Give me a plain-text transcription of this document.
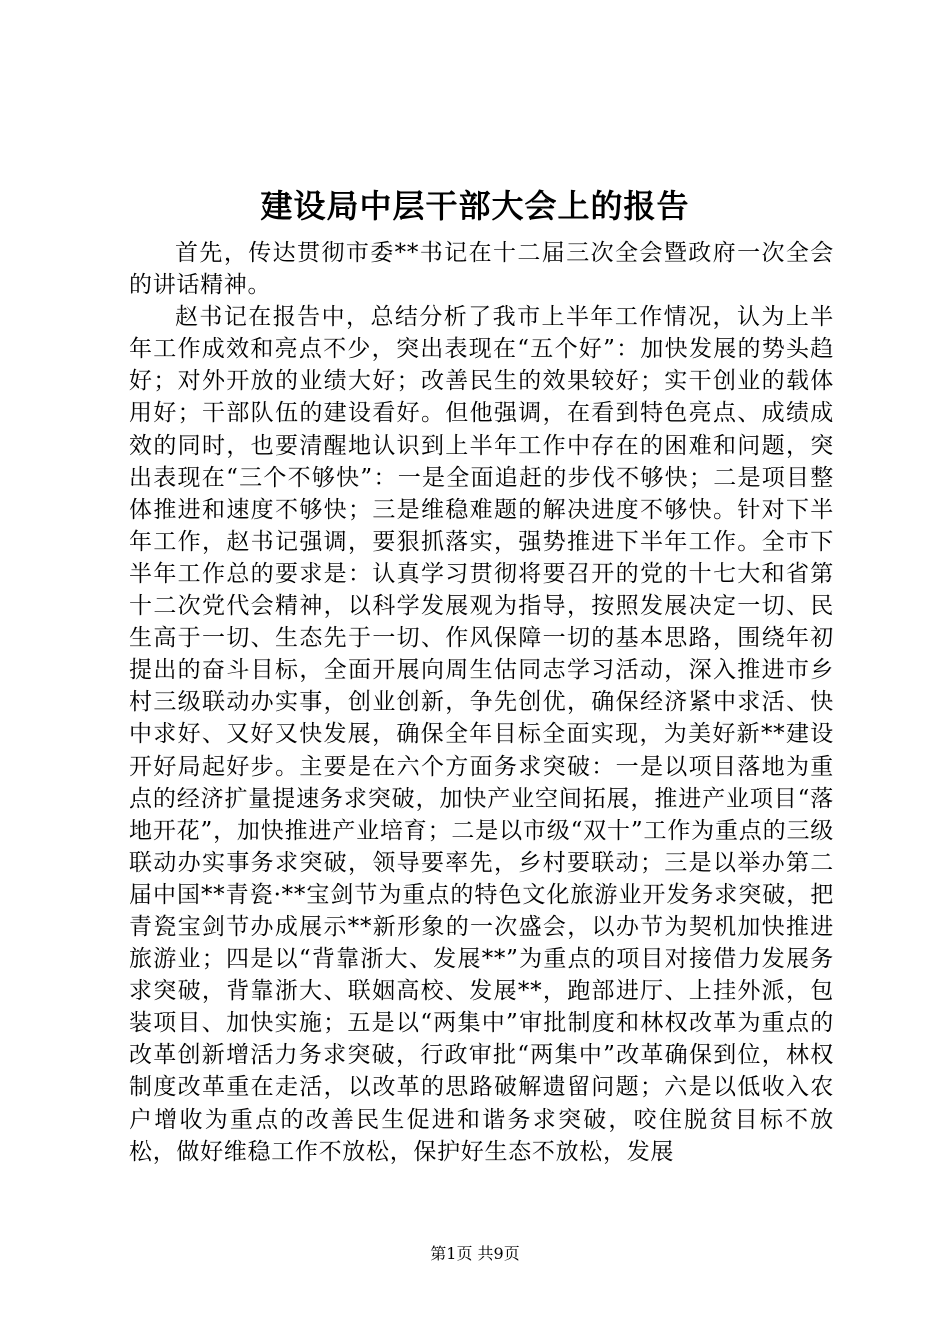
建设局中层干部大会上的报告

首先，传达贯彻市委**书记在十二届三次全会暨政府一次全会的讲话精神。

赵书记在报告中，总结分析了我市上半年工作情况，认为上半年工作成效和亮点不少，突出表现在“五个好”：加快发展的势头趋好；对外开放的业绩大好；改善民生的效果较好；实干创业的载体用好；干部队伍的建设看好。但他强调，在看到特色亮点、成绩成效的同时，也要清醒地认识到上半年工作中存在的困难和问题，突出表现在“三个不够快”：一是全面追赶的步伐不够快；二是项目整体推进和速度不够快；三是维稳难题的解决进度不够快。针对下半年工作，赵书记强调，要狠抓落实，强势推进下半年工作。全市下半年工作总的要求是：认真学习贯彻将要召开的党的十七大和省第十二次党代会精神，以科学发展观为指导，按照发展决定一切、民生高于一切、生态先于一切、作风保障一切的基本思路，围绕年初提出的奋斗目标，全面开展向周生估同志学习活动，深入推进市乡村三级联动办实事，创业创新，争先创优，确保经济紧中求活、快中求好、又好又快发展，确保全年目标全面实现，为美好新**建设开好局起好步。主要是在六个方面务求突破：一是以项目落地为重点的经济扩量提速务求突破，加快产业空间拓展，推进产业项目“落地开花”，加快推进产业培育；二是以市级“双十”工作为重点的三级联动办实事务求突破，领导要率先，乡村要联动；三是以举办第二届中国**青瓷·**宝剑节为重点的特色文化旅游业开发务求突破，把青瓷宝剑节办成展示**新形象的一次盛会，以办节为契机加快推进旅游业；四是以“背靠浙大、发展**”为重点的项目对接借力发展务求突破，背靠浙大、联姻高校、发展**，跑部进厅、上挂外派，包装项目、加快实施；五是以“两集中”审批制度和林权改革为重点的改革创新增活力务求突破，行政审批“两集中”改革确保到位，林权制度改革重在走活，以改革的思路破解遗留问题；六是以低收入农户增收为重点的改善民生促进和谐务求突破，咬住脱贫目标不放松，做好维稳工作不放松，保护好生态不放松，发展

第1页 共9页
